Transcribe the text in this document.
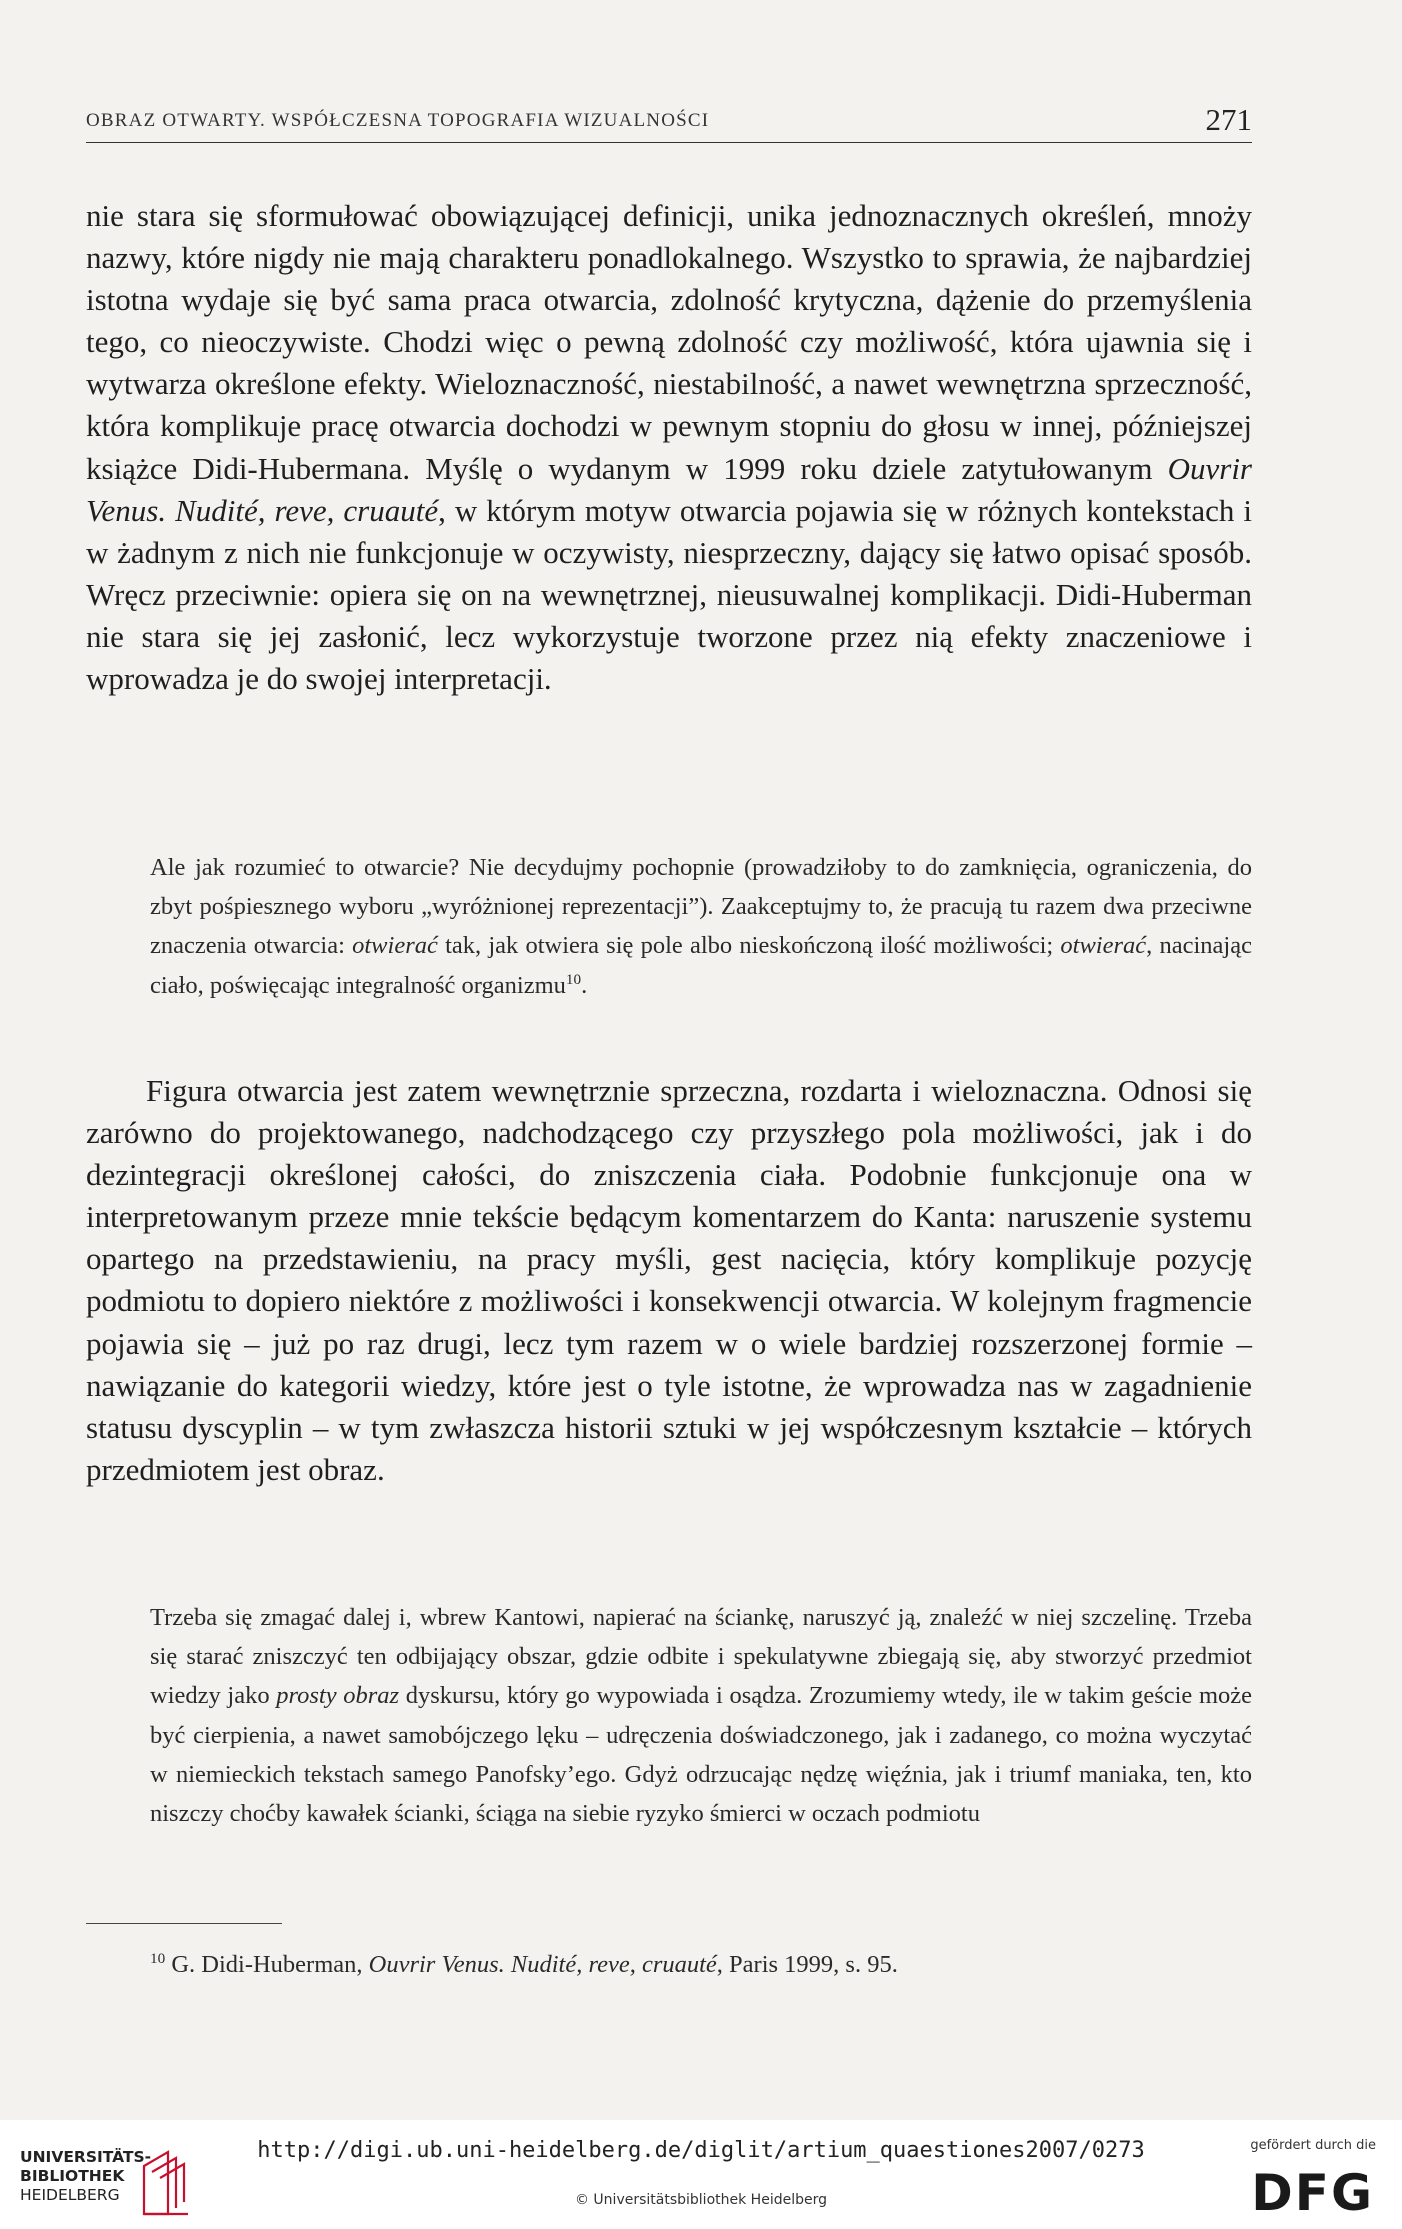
OBRAZ OTWARTY. WSPÓŁCZESNA TOPOGRAFIA WIZUALNOŚCI	271

nie stara się sformułować obowiązującej definicji, unika jednoznacznych określeń, mnoży nazwy, które nigdy nie mają charakteru ponadlokalnego. Wszystko to sprawia, że najbardziej istotna wydaje się być sama praca otwarcia, zdolność krytyczna, dążenie do przemyślenia tego, co nieoczywiste. Chodzi więc o pewną zdolność czy możliwość, która ujawnia się i wytwarza określone efekty. Wieloznaczność, niestabilność, a nawet wewnętrzna sprzeczność, która komplikuje pracę otwarcia dochodzi w pewnym stopniu do głosu w innej, późniejszej książce Didi-Hubermana. Myślę o wydanym w 1999 roku dziele zatytułowanym Ouvrir Venus. Nudité, reve, cruauté, w którym motyw otwarcia pojawia się w różnych kontekstach i w żadnym z nich nie funkcjonuje w oczywisty, niesprzeczny, dający się łatwo opisać sposób. Wręcz przeciwnie: opiera się on na wewnętrznej, nieusuwalnej komplikacji. Didi-Huberman nie stara się jej zasłonić, lecz wykorzystuje tworzone przez nią efekty znaczeniowe i wprowadza je do swojej interpretacji.

Ale jak rozumieć to otwarcie? Nie decydujmy pochopnie (prowadziłoby to do zamknięcia, ograniczenia, do zbyt pośpiesznego wyboru „wyróżnionej reprezentacji”). Zaakceptujmy to, że pracują tu razem dwa przeciwne znaczenia otwarcia: otwierać tak, jak otwiera się pole albo nieskończoną ilość możliwości; otwierać, nacinając ciało, poświęcając integralność organizmu$^{10}$.

Figura otwarcia jest zatem wewnętrznie sprzeczna, rozdarta i wieloznaczna. Odnosi się zarówno do projektowanego, nadchodzącego czy przyszłego pola możliwości, jak i do dezintegracji określonej całości, do zniszczenia ciała. Podobnie funkcjonuje ona w interpretowanym przeze mnie tekście będącym komentarzem do Kanta: naruszenie systemu opartego na przedstawieniu, na pracy myśli, gest nacięcia, który komplikuje pozycję podmiotu to dopiero niektóre z możliwości i konsekwencji otwarcia. W kolejnym fragmencie pojawia się – już po raz drugi, lecz tym razem w o wiele bardziej rozszerzonej formie – nawiązanie do kategorii wiedzy, które jest o tyle istotne, że wprowadza nas w zagadnienie statusu dyscyplin – w tym zwłaszcza historii sztuki w jej współczesnym kształcie – których przedmiotem jest obraz.

Trzeba się zmagać dalej i, wbrew Kantowi, napierać na ściankę, naruszyć ją, znaleźć w niej szczelinę. Trzeba się starać zniszczyć ten odbijający obszar, gdzie odbite i spekulatywne zbiegają się, aby stworzyć przedmiot wiedzy jako prosty obraz dyskursu, który go wypowiada i osądza. Zrozumiemy wtedy, ile w takim geście może być cierpienia, a nawet samobójczego lęku – udręczenia doświadczonego, jak i zadanego, co można wyczytać w niemieckich tekstach samego Panofsky’ego. Gdyż odrzucając nędzę więźnia, jak i triumf maniaka, ten, kto niszczy choćby kawałek ścianki, ściąga na siebie ryzyko śmierci w oczach podmiotu

$^{10}$ G. Didi-Huberman, Ouvrir Venus. Nudité, reve, cruauté, Paris 1999, s. 95.
UNIVERSITÄTS-
BIBLIOTHEK
HEIDELBERG
http://digi.ub.uni-heidelberg.de/diglit/artium_quaestiones2007/0273
© Universitätsbibliothek Heidelberg
gefördert durch die
DFG
